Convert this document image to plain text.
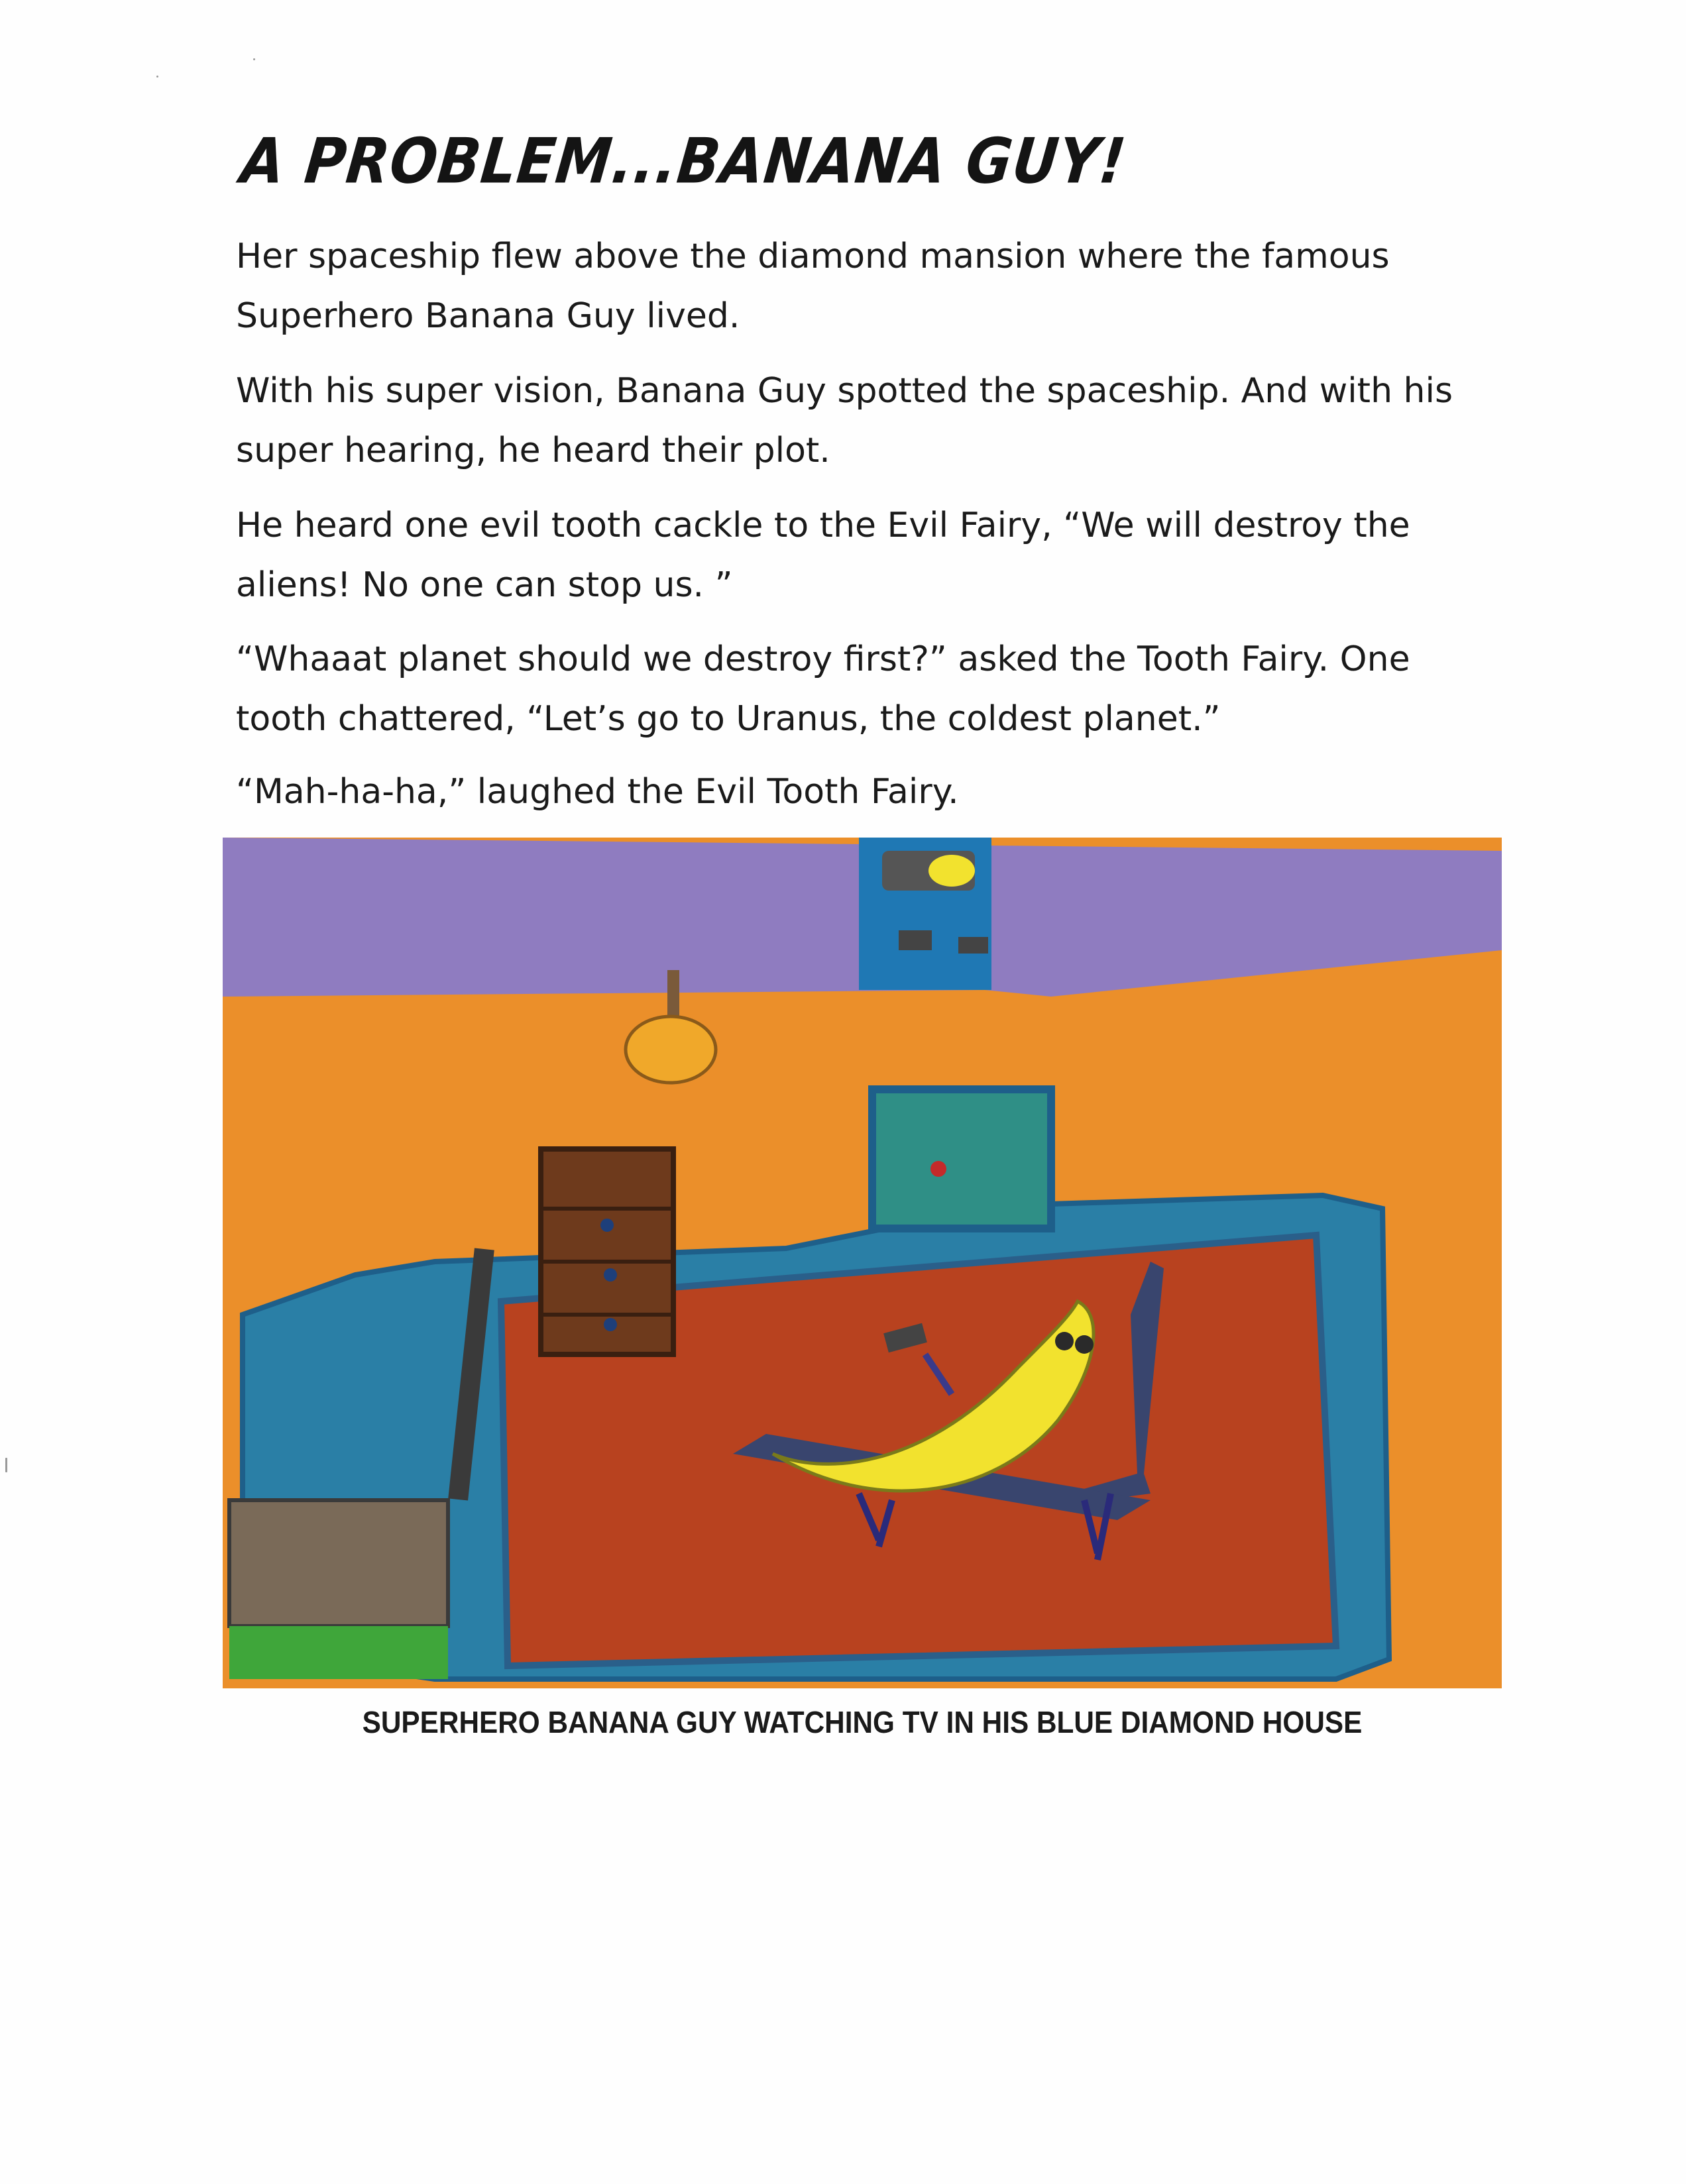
A PROBLEM...BANANA GUY!

Her spaceship flew above the diamond mansion where the famous
Superhero Banana Guy lived.

With his super vision, Banana Guy spotted the spaceship. And with his
super hearing, he heard their plot.

He heard one evil tooth cackle to the Evil Fairy, “We will destroy the
aliens! No one can stop us. ”

“Whaaat planet should we destroy first?” asked the Tooth Fairy. One
tooth chattered, “Let’s go to Uranus, the coldest planet.”

“Mah-ha-ha,” laughed the Evil Tooth Fairy.

SUPERHERO BANANA GUY WATCHING TV IN HIS BLUE DIAMOND HOUSE
